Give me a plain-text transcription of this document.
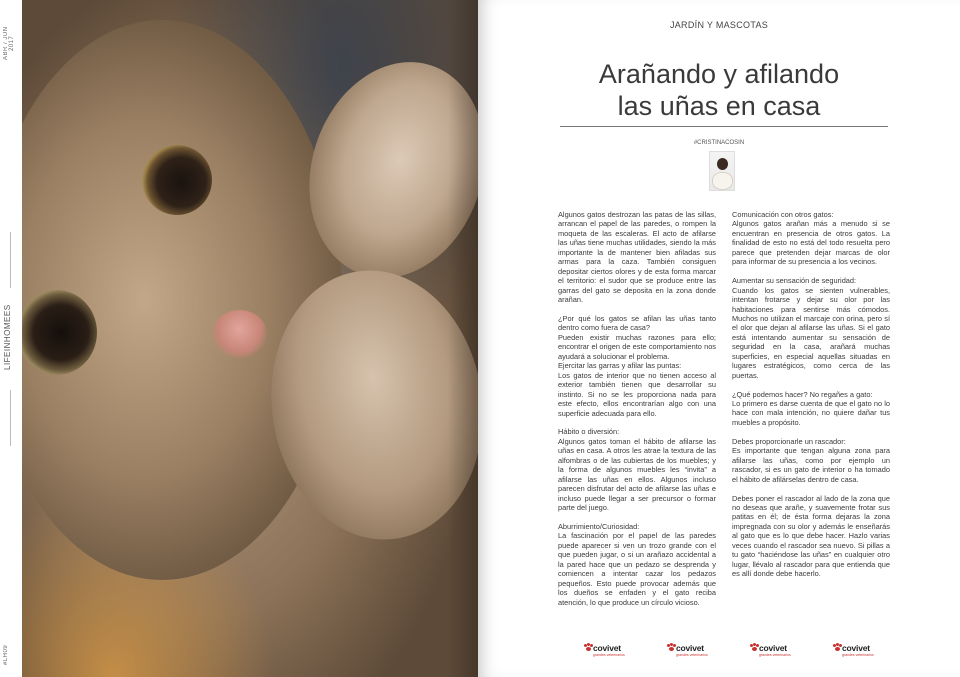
ABR / JUN 2017
LIFEINHOMEES
#LH09
JARDÍN Y MASCOTAS
Arañando y afilando
las uñas en casa
#CRISTINACOSIN

Algunos gatos destrozan las patas de las sillas, arrancan el papel de las paredes, o rompen la moqueta de las escaleras. El acto de afilarse las uñas tiene muchas utilidades, siendo la más importante la de mantener bien afiladas sus armas para la caza. También consiguen depositar ciertos olores y de esta forma marcar el territorio: el sudor que se produce entre las garras del gato se deposita en la zona donde arañan.

¿Por qué los gatos se afilan las uñas tanto dentro como fuera de casa?
Pueden existir muchas razones para ello; encontrar el origen de este comportamiento nos ayudará a solucionar el problema.
Ejercitar las garras y afilar las puntas:
Los gatos de interior que no tienen acceso al exterior también tienen que desarrollar su instinto. Si no se les proporciona nada para este efecto, ellos encontrarían algo con una superficie adecuada para ello.

Hábito o diversión:
Algunos gatos toman el hábito de afilarse las uñas en casa. A otros les atrae la textura de las alfombras o de las cubiertas de los muebles; y la forma de algunos muebles les “invita” a afilarse las uñas en ellos. Algunos incluso parecen disfrutar del acto de afilarse las uñas e incluso puede llegar a ser precursor o formar parte del juego.

Aburrimiento/Curiosidad:
La fascinación por el papel de las paredes puede aparecer si ven un trozo grande con el que pueden jugar, o si un arañazo accidental a la pared hace que un pedazo se desprenda y comiencen a intentar cazar los pedazos pequeños. Esto puede provocar además que los dueños se enfaden y el gato reciba atención, lo que produce un círculo vicioso.

Comunicación con otros gatos:
Algunos gatos arañan más a menudo si se encuentran en presencia de otros gatos. La finalidad de esto no está del todo resuelta pero parece que pretenden dejar marcas de olor para informar de su presencia a los vecinos.

Aumentar su sensación de seguridad:
Cuando los gatos se sienten vulnerables, intentan frotarse y dejar su olor por las habitaciones para sentirse más cómodos. Muchos no utilizan el marcaje con orina, pero sí el olor que dejan al afilarse las uñas. Si el gato está intentando aumentar su sensación de seguridad en la casa, arañará muchas superficies, en especial aquellas situadas en lugares estratégicos, como cerca de las puertas.

¿Qué podemos hacer? No regañes a gato:
Lo primero es darse cuenta de que el gato no lo hace con mala intención, no quiere dañar tus muebles a propósito.

Debes proporcionarle un rascador:
Es importante que tengan alguna zona para afilarse las uñas, como por ejemplo un rascador, si es un gato de interior o ha tomado el hábito de afilárselas dentro de casa.

Debes poner el rascador al lado de la zona que no deseas que arañe, y suavemente frotar sus patitas en él; de ésta forma dejaras la zona impregnada con su olor y además le enseñarás al gato que es lo que debe hacer. Hazlo varias veces cuando el rascador sea nuevo. Si pillas a tu gato “haciéndose las uñas” en cualquier otro lugar, llévalo al rascador para que entienda que es allí donde debe hacerlo.

covivet
grandes veterinarios
covivet
grandes veterinarios
covivet
grandes veterinarios
covivet
grandes veterinarios
